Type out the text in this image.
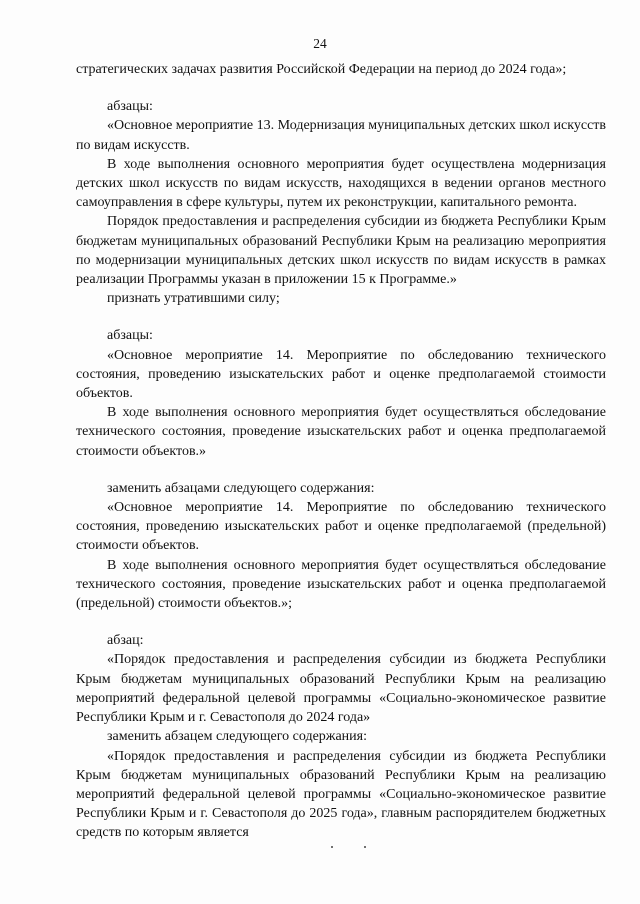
24

стратегических задачах развития Российской Федерации на период до 2024 года»;

абзацы:

«Основное мероприятие 13. Модернизация муниципальных детских школ искусств по видам искусств.

В ходе выполнения основного мероприятия будет осуществлена модернизация детских школ искусств по видам искусств, находящихся в ведении органов местного самоуправления в сфере культуры, путем их реконструкции, капитального ремонта.

Порядок предоставления и распределения субсидии из бюджета Республики Крым бюджетам муниципальных образований Республики Крым на реализацию мероприятия по модернизации муниципальных детских школ искусств по видам искусств в рамках реализации Программы указан в приложении 15 к Программе.»

признать утратившими силу;

абзацы:

«Основное мероприятие 14. Мероприятие по обследованию технического состояния, проведению изыскательских работ и оценке предполагаемой стоимости объектов.

В ходе выполнения основного мероприятия будет осуществляться обследование технического состояния, проведение изыскательских работ и оценка предполагаемой стоимости объектов.»

заменить абзацами следующего содержания:

«Основное мероприятие 14. Мероприятие по обследованию технического состояния, проведению изыскательских работ и оценке предполагаемой (предельной) стоимости объектов.

В ходе выполнения основного мероприятия будет осуществляться обследование технического состояния, проведение изыскательских работ и оценка предполагаемой (предельной) стоимости объектов.»;

абзац:

«Порядок предоставления и распределения субсидии из бюджета Республики Крым бюджетам муниципальных образований Республики Крым на реализацию мероприятий федеральной целевой программы «Социально-экономическое развитие Республики Крым и г. Севастополя до 2024 года»

заменить абзацем следующего содержания:

«Порядок предоставления и распределения субсидии из бюджета Республики Крым бюджетам муниципальных образований Республики Крым на реализацию мероприятий федеральной целевой программы «Социально-экономическое развитие Республики Крым и г. Севастополя до 2025 года», главным распорядителем бюджетных средств по которым является
